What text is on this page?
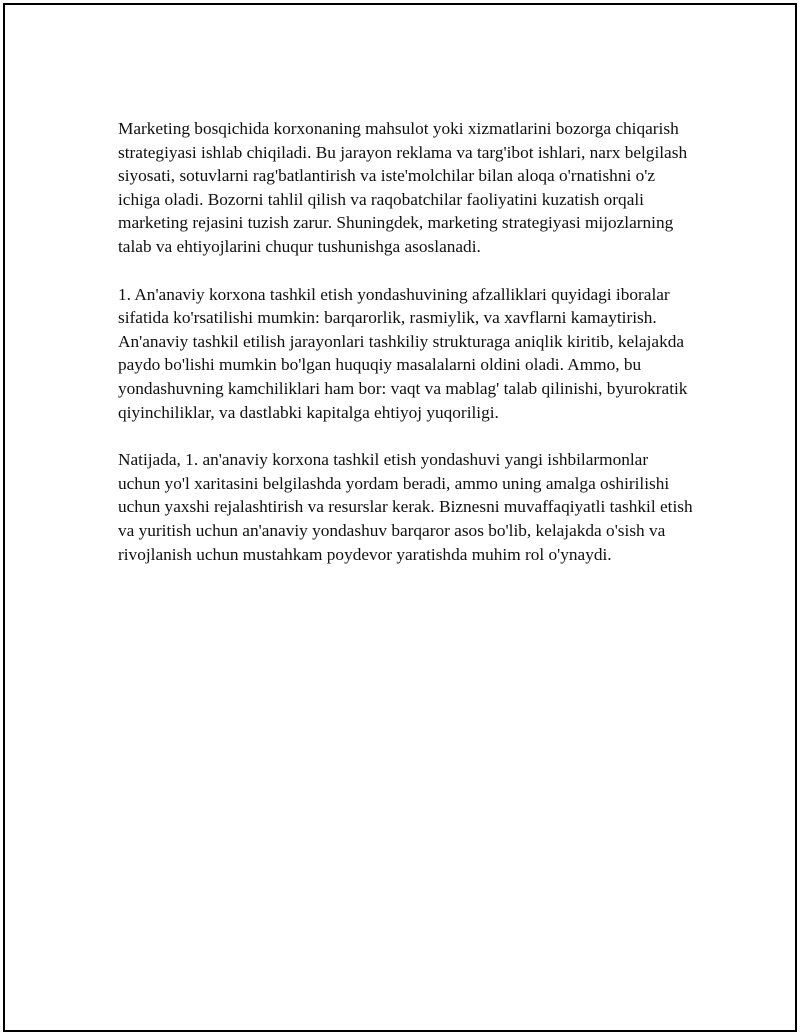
Marketing bosqichida korxonaning mahsulot yoki xizmatlarini bozorga chiqarish strategiyasi ishlab chiqiladi. Bu jarayon reklama va targ'ibot ishlari, narx belgilash siyosati, sotuvlarni rag'batlantirish va iste'molchilar bilan aloqa o'rnatishni o'z ichiga oladi. Bozorni tahlil qilish va raqobatchilar faoliyatini kuzatish orqali marketing rejasini tuzish zarur. Shuningdek, marketing strategiyasi mijozlarning talab va ehtiyojlarini chuqur tushunishga asoslanadi.

1. An'anaviy korxona tashkil etish yondashuvining afzalliklari quyidagi iboralar sifatida ko'rsatilishi mumkin: barqarorlik, rasmiylik, va xavflarni kamaytirish. An'anaviy tashkil etilish jarayonlari tashkiliy strukturaga aniqlik kiritib, kelajakda paydo bo'lishi mumkin bo'lgan huquqiy masalalarni oldini oladi. Ammo, bu yondashuvning kamchiliklari ham bor: vaqt va mablag' talab qilinishi, byurokratik qiyinchiliklar, va dastlabki kapitalga ehtiyoj yuqoriligi.

Natijada, 1. an'anaviy korxona tashkil etish yondashuvi yangi ishbilarmonlar uchun yo'l xaritasini belgilashda yordam beradi, ammo uning amalga oshirilishi uchun yaxshi rejalashtirish va resurslar kerak. Biznesni muvaffaqiyatli tashkil etish va yuritish uchun an'anaviy yondashuv barqaror asos bo'lib, kelajakda o'sish va rivojlanish uchun mustahkam poydevor yaratishda muhim rol o'ynaydi.
